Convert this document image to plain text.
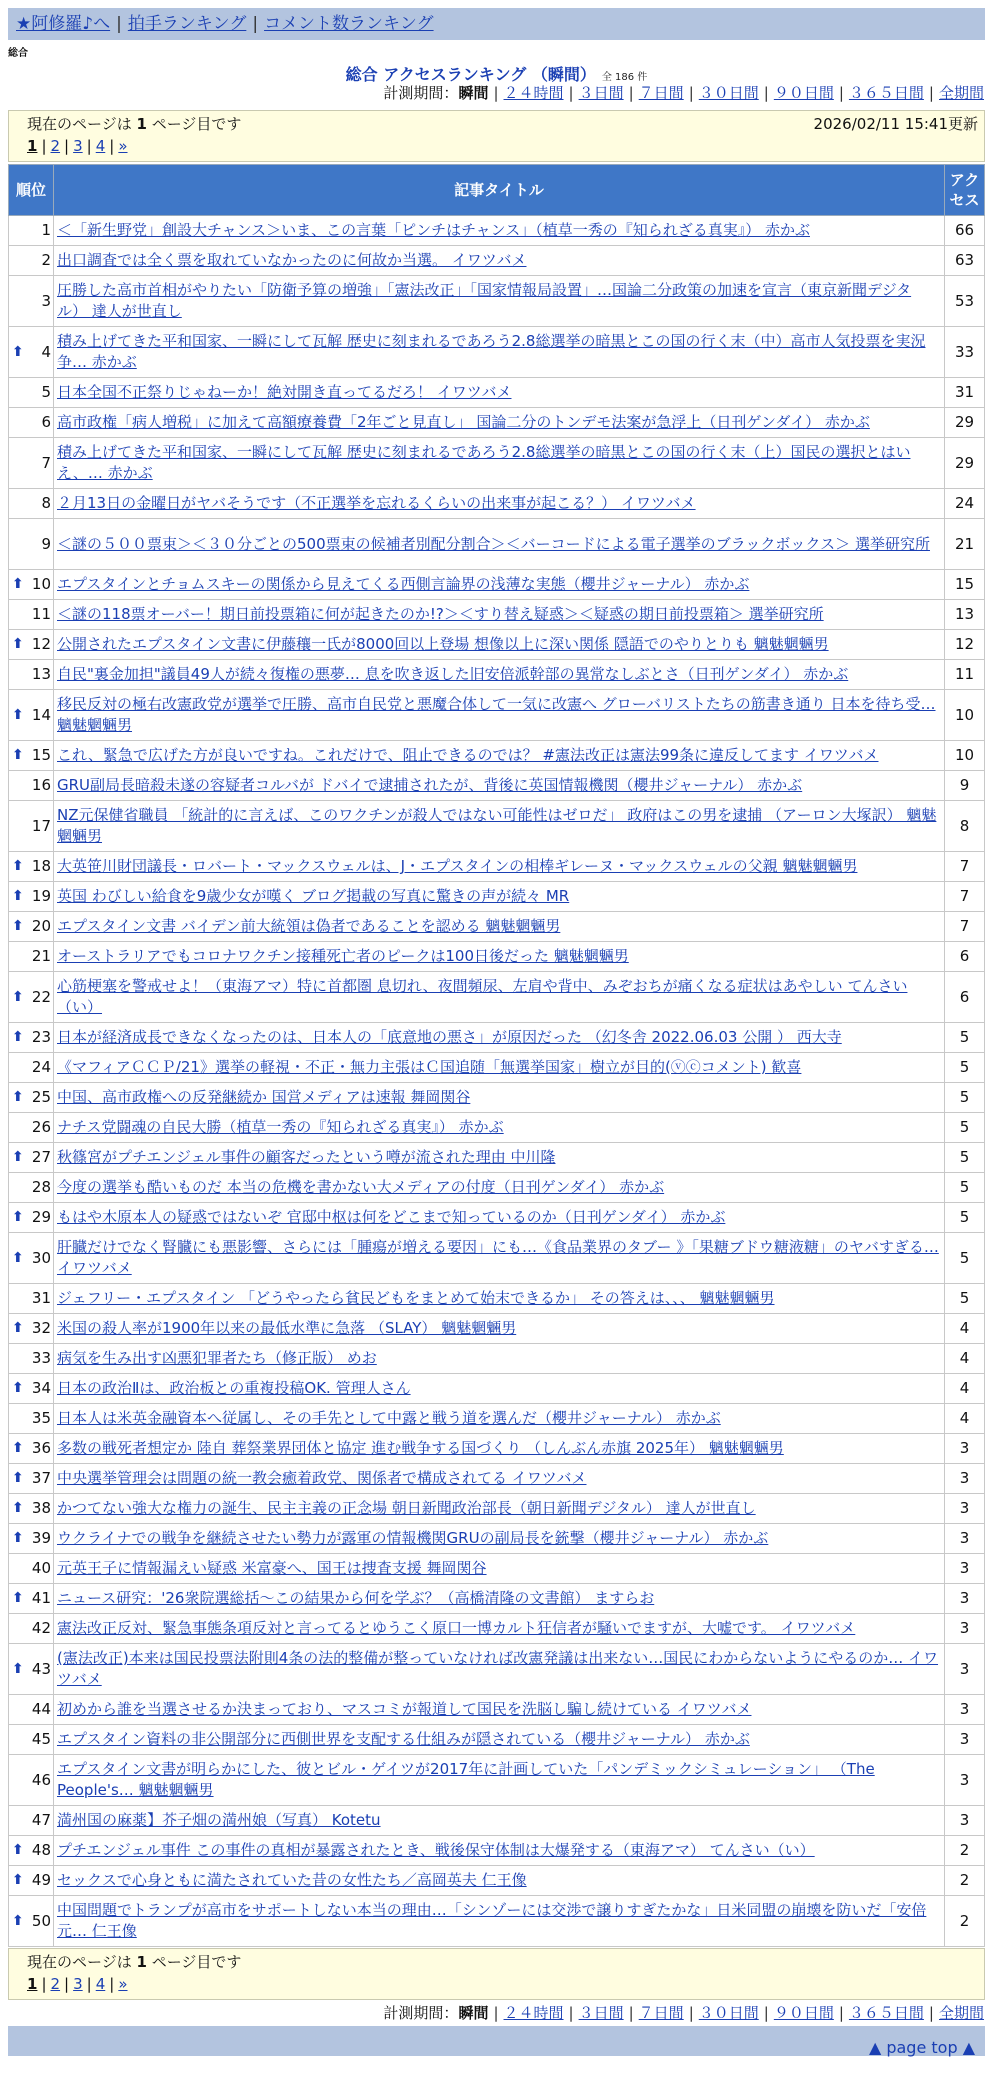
★阿修羅♪へ | 拍手ランキング | コメント数ランキング
総合
総合 アクセスランキング （瞬間） 全 186 件
計測期間：瞬間 | ２４時間 | ３日間 | ７日間 | ３０日間 | ９０日間 | ３６５日間 | 全期間
現在のページは 1 ページ目です	2026/02/11 15:41更新
1 | 2 | 3 | 4 | »
順位	記事タイトル	アクセス
1	＜「新生野党」創設大チャンス＞いま、この言葉「ピンチはチャンス」（植草一秀の『知られざる真実』） 赤かぶ	66
2	出口調査では全く票を取れていなかったのに何故か当選。 イワツバメ	63
3	圧勝した高市首相がやりたい「防衛予算の増強」「憲法改正」「国家情報局設置」…国論二分政策の加速を宣言（東京新聞デジタル） 達人が世直し	53

⬆ 4	積み上げてきた平和国家、一瞬にして瓦解 歴史に刻まれるであろう2.8総選挙の暗黒とこの国の行く末（中）高市人気投票を実況争… 赤かぶ	33
5	日本全国不正祭りじゃねーか！絶対開き直ってるだろ！ イワツバメ	31
6	高市政権「病人増税」に加えて高額療養費「2年ごと見直し」 国論二分のトンデモ法案が急浮上（日刊ゲンダイ） 赤かぶ	29
7	積み上げてきた平和国家、一瞬にして瓦解 歴史に刻まれるであろう2.8総選挙の暗黒とこの国の行く末（上）国民の選択とはいえ、… 赤かぶ	29
8	２月13日の金曜日がヤバそうです（不正選挙を忘れるくらいの出来事が起こる？） イワツバメ	24
9	＜謎の５００票束＞＜３０分ごとの500票束の候補者別配分割合＞＜バーコードによる電子選挙のブラックボックス＞ 選挙研究所	21

⬆ 10	エプスタインとチョムスキーの関係から見えてくる西側言論界の浅薄な実態（櫻井ジャーナル） 赤かぶ	15
11	＜謎の118票オーバー！期日前投票箱に何が起きたのか!?＞＜すり替え疑惑＞＜疑惑の期日前投票箱＞ 選挙研究所	13

⬆ 12	公開されたエプスタイン文書に伊藤穰一氏が8000回以上登場 想像以上に深い関係 隠語でのやりとりも 魑魅魍魎男	12
13	自民"裏金加担"議員49人が続々復権の悪夢… 息を吹き返した旧安倍派幹部の異常なしぶとさ（日刊ゲンダイ） 赤かぶ	11

⬆ 14	移民反対の極右改憲政党が選挙で圧勝、高市自民党と悪魔合体して一気に改憲へ グローバリストたちの筋書き通り 日本を待ち受… 魑魅魍魎男	10

⬆ 15	これ、緊急で広げた方が良いですね。これだけで、阻止できるのでは？ #憲法改正は憲法99条に違反してます イワツバメ	10
16	GRU副局長暗殺未遂の容疑者コルバが ドバイで逮捕されたが、背後に英国情報機関（櫻井ジャーナル） 赤かぶ	9
17	NZ元保健省職員 「統計的に言えば、このワクチンが殺人ではない可能性はゼロだ」 政府はこの男を逮捕 （アーロン大塚訳） 魑魅魍魎男	8

⬆ 18	大英笹川財団議長・ロバート・マックスウェルは、J・エプスタインの相棒ギレーヌ・マックスウェルの父親 魑魅魍魎男	7

⬆ 19	英国 わびしい給食を9歳少女が嘆く ブログ掲載の写真に驚きの声が続々 MR	7

⬆ 20	エプスタイン文書 バイデン前大統領は偽者であることを認める 魑魅魍魎男	7
21	オーストラリアでもコロナワクチン接種死亡者のピークは100日後だった 魑魅魍魎男	6

⬆ 22	心筋梗塞を警戒せよ！（東海アマ）特に首都圏 息切れ、夜間頻尿、左肩や背中、みぞおちが痛くなる症状はあやしい てんさい（い）	6

⬆ 23	日本が経済成長できなくなったのは、日本人の「底意地の悪さ」が原因だった （幻冬舎 2022.06.03 公開 ） 西大寺	5
24	《マフィアＣＣＰ/21》選挙の軽視・不正・無力主張はＣ国追随「無選挙国家」樹立が目的(ⓥⓒコメント) 歓喜	5

⬆ 25	中国、高市政権への反発継続か 国営メディアは速報 舞岡関谷	5
26	ナチス党闘魂の自民大勝（植草一秀の『知られざる真実』） 赤かぶ	5

⬆ 27	秋篠宮がプチエンジェル事件の顧客だったという噂が流された理由 中川隆	5
28	今度の選挙も酷いものだ 本当の危機を書かない大メディアの付度（日刊ゲンダイ） 赤かぶ	5

⬆ 29	もはや木原本人の疑惑ではないぞ 官邸中枢は何をどこまで知っているのか（日刊ゲンダイ） 赤かぶ	5

⬆ 30	肝臓だけでなく腎臓にも悪影響、さらには「腫瘍が増える要因」にも…《食品業界のタブー 》「果糖ブドウ糖液糖」のヤバすぎる… イワツバメ	5
31	ジェフリー・エプスタイン 「どうやったら貧民どもをまとめて始末できるか」 その答えは、、、 魑魅魍魎男	5

⬆ 32	米国の殺人率が1900年以来の最低水準に急落 （SLAY） 魑魅魍魎男	4
33	病気を生み出す凶悪犯罪者たち（修正版） めお	4

⬆ 34	日本の政治Ⅱは、政治板との重複投稿OK. 管理人さん	4
35	日本人は米英金融資本へ従属し、その手先として中露と戦う道を選んだ（櫻井ジャーナル） 赤かぶ	4

⬆ 36	多数の戦死者想定か 陸自 葬祭業界団体と協定 進む戦争する国づくり （しんぶん赤旗 2025年） 魑魅魍魎男	3

⬆ 37	中央選挙管理会は問題の統一教会癒着政党、関係者で構成されてる イワツバメ	3

⬆ 38	かつてない強大な権力の誕生、民主主義の正念場 朝日新聞政治部長（朝日新聞デジタル） 達人が世直し	3

⬆ 39	ウクライナでの戦争を継続させたい勢力が露軍の情報機関GRUの副局長を銃撃（櫻井ジャーナル） 赤かぶ	3
40	元英王子に情報漏えい疑惑 米富豪へ、国王は捜査支援 舞岡関谷	3

⬆ 41	ニュース研究：'26衆院選総括～この結果から何を学ぶ？（高橋清隆の文書館） ますらお	3
42	憲法改正反対、緊急事態条項反対と言ってるとゆうこく原口一博カルト狂信者が騒いでますが、大嘘です。 イワツバメ	3

⬆ 43	(憲法改正)本来は国民投票法附則4条の法的整備が整っていなければ改憲発議は出来ない…国民にわからないようにやるのか… イワツバメ	3
44	初めから誰を当選させるか決まっており、マスコミが報道して国民を洗脳し騙し続けている イワツバメ	3
45	エプスタイン資料の非公開部分に西側世界を支配する仕組みが隠されている（櫻井ジャーナル） 赤かぶ	3
46	エプスタイン文書が明らかにした、彼とビル・ゲイツが2017年に計画していた「パンデミックシミュレーション」 （The People's… 魑魅魍魎男	3
47	満州国の麻薬】芥子畑の満州娘（写真） Kotetu	3

⬆ 48	プチエンジェル事件 この事件の真相が暴露されたとき、戦後保守体制は大爆発する（東海アマ） てんさい（い）	2

⬆ 49	セックスで心身ともに満たされていた昔の女性たち／高岡英夫 仁王像	2

⬆ 50	中国問題でトランプが高市をサポートしない本当の理由…「シンゾーには交渉で譲りすぎたかな」日米同盟の崩壊を防いだ「安倍元… 仁王像	2
現在のページは 1 ページ目です
1 | 2 | 3 | 4 | »
計測期間：瞬間 | ２４時間 | ３日間 | ７日間 | ３０日間 | ９０日間 | ３６５日間 | 全期間
▲ page top ▲
